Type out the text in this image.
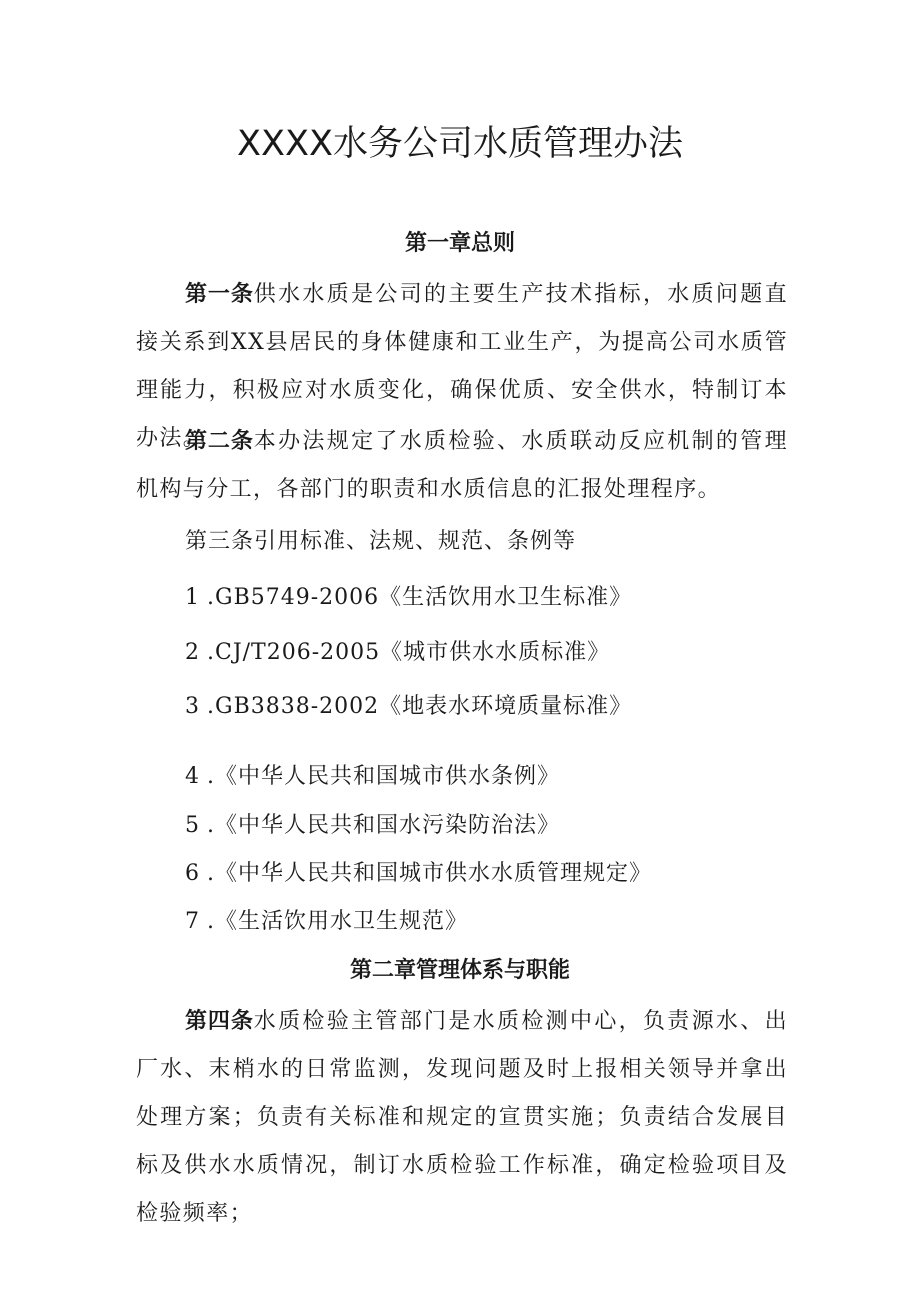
XXXX水务公司水质管理办法
第一章总则

第一条供水水质是公司的主要生产技术指标，水质问题直接关系到XX县居民的身体健康和工业生产，为提高公司水质管理能力，积极应对水质变化，确保优质、安全供水，特制订本办法。

第二条本办法规定了水质检验、水质联动反应机制的管理机构与分工，各部门的职责和水质信息的汇报处理程序。

第三条引用标准、法规、规范、条例等

1 .GB5749-2006《生活饮用水卫生标准》

2 .CJ/T206-2005《城市供水水质标准》

3 .GB3838-2002《地表水环境质量标准》

4 .《中华人民共和国城市供水条例》

5 .《中华人民共和国水污染防治法》

6 .《中华人民共和国城市供水水质管理规定》

7 .《生活饮用水卫生规范》

第二章管理体系与职能

第四条水质检验主管部门是水质检测中心，负责源水、出厂水、末梢水的日常监测，发现问题及时上报相关领导并拿出处理方案；负责有关标准和规定的宣贯实施；负责结合发展目标及供水水质情况，制订水质检验工作标准，确定检验项目及检验频率；
